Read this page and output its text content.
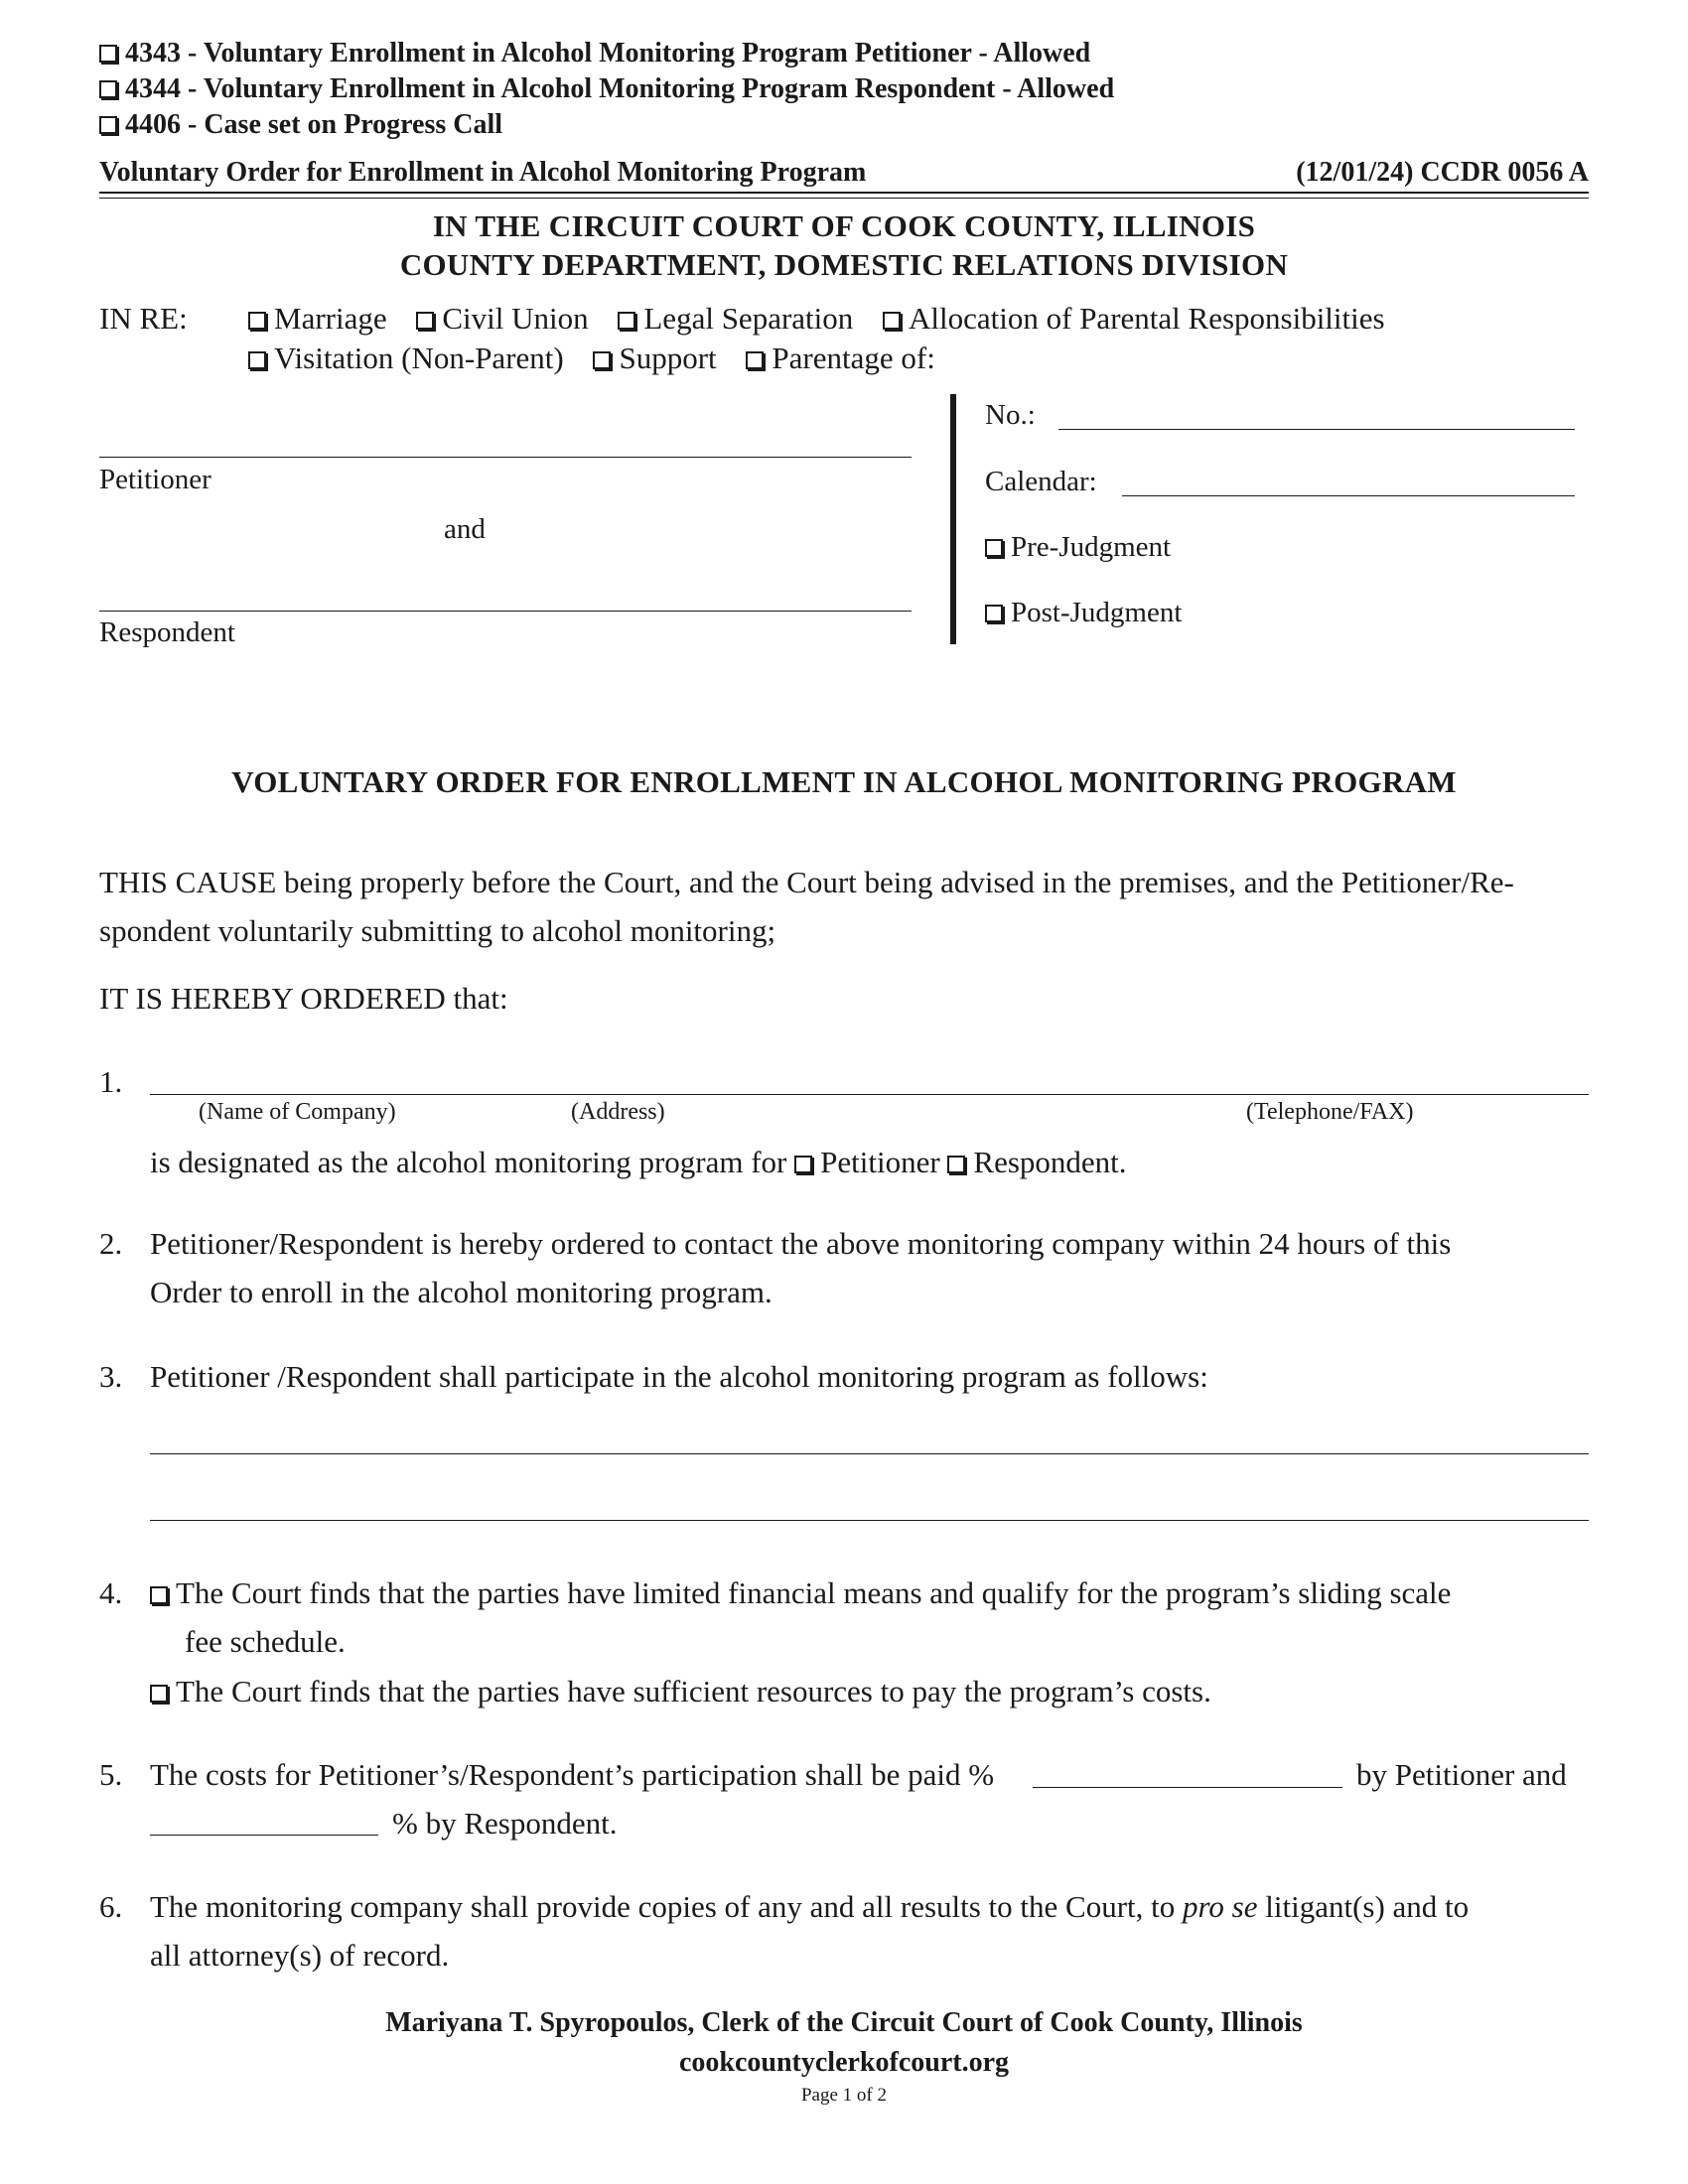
4343 - Voluntary Enrollment in Alcohol Monitoring Program Petitioner - Allowed
4344 - Voluntary Enrollment in Alcohol Monitoring Program Respondent - Allowed
4406 - Case set on Progress Call
Voluntary Order for Enrollment in Alcohol Monitoring Program	(12/01/24) CCDR 0056 A
IN THE CIRCUIT COURT OF COOK COUNTY, ILLINOIS
COUNTY DEPARTMENT, DOMESTIC RELATIONS DIVISION
IN RE:	Marriage Civil Union Legal Separation Allocation of Parental Responsibilities
Visitation (Non-Parent) Support Parentage of:
Petitioner
and
Respondent
No.:
Calendar:
Pre-Judgment
Post-Judgment
VOLUNTARY ORDER FOR ENROLLMENT IN ALCOHOL MONITORING PROGRAM
THIS CAUSE being properly before the Court, and the Court being advised in the premises, and the Petitioner/Re-
spondent voluntarily submitting to alcohol monitoring;
IT IS HEREBY ORDERED that:
1.
(Name of Company)	(Address)	(Telephone/FAX)
is designated as the alcohol monitoring program for Petitioner Respondent.
2. Petitioner/Respondent is hereby ordered to contact the above monitoring company within 24 hours of this
Order to enroll in the alcohol monitoring program.
3. Petitioner /Respondent shall participate in the alcohol monitoring program as follows:
4.	The Court finds that the parties have limited financial means and qualify for the program’s sliding scale
fee schedule.
The Court finds that the parties have sufficient resources to pay the program’s costs.
5. The costs for Petitioner’s/Respondent’s participation shall be paid %	by Petitioner and
% by Respondent.
6. The monitoring company shall provide copies of any and all results to the Court, to pro se litigant(s) and to
all attorney(s) of record.
Mariyana T. Spyropoulos, Clerk of the Circuit Court of Cook County, Illinois
cookcountyclerkofcourt.org
Page 1 of 2
